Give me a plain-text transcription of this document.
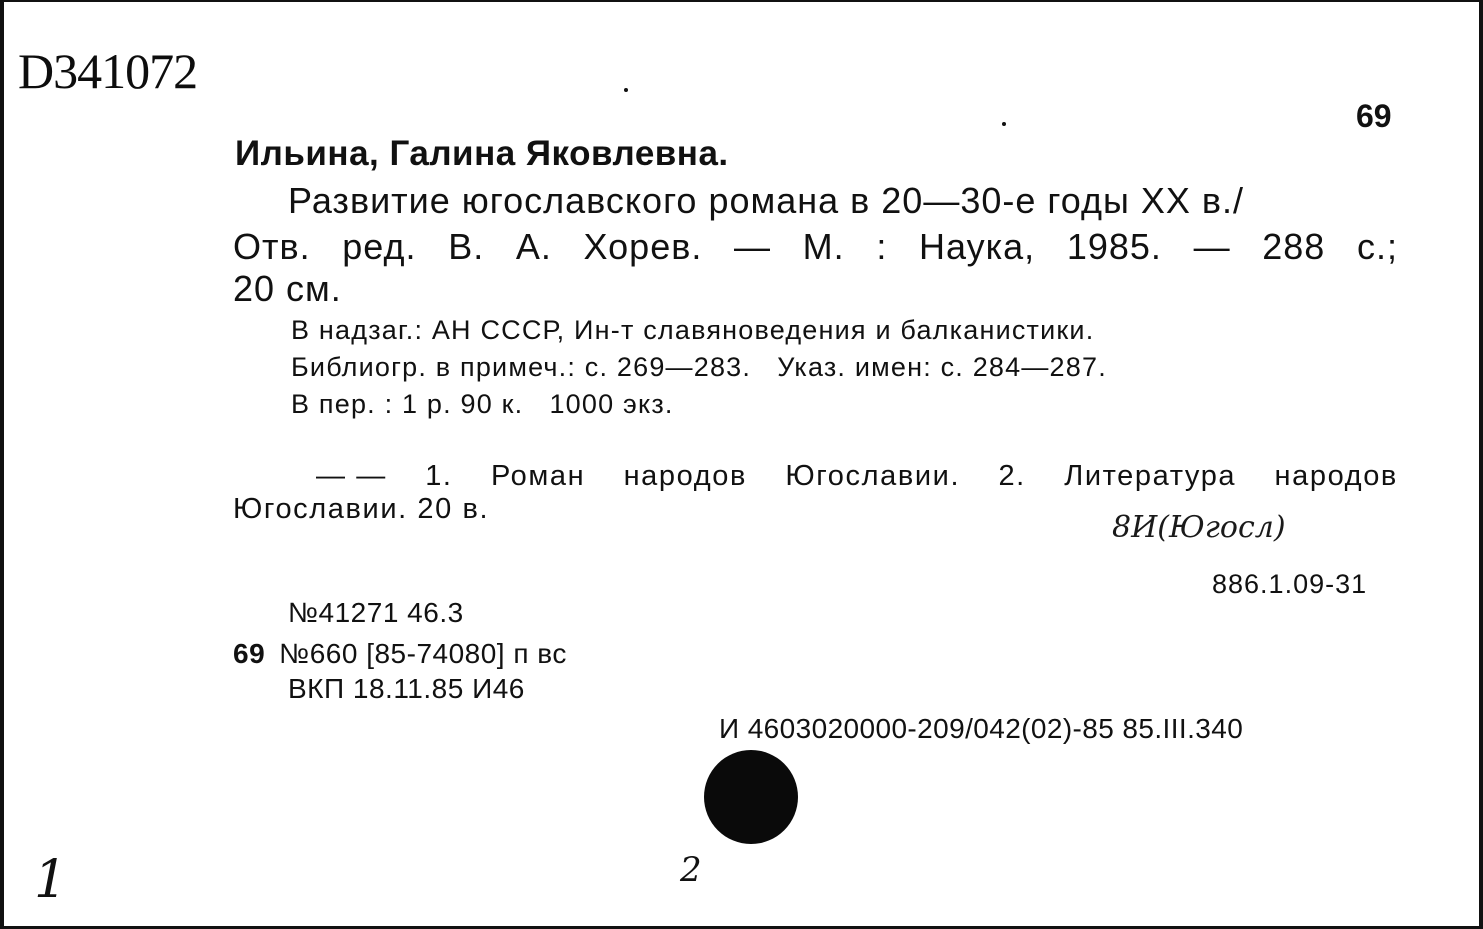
D341072
69
Ильина, Галина Яковлевна.
Развитие югославского романа в 20—30-е годы XX в./
Отв. ред. В. А. Хорев. — М. : Наука, 1985. — 288 с.;
20 см.
В надзаг.: АН СССР, Ин-т славяноведения и балканистики.
Библиогр. в примеч.: с. 269—283.   Указ. имен: с. 284—287.
В пер. : 1 р. 90 к.   1000 экз.
— — 1. Роман народов Югославии. 2. Литература народов
Югославии. 20 в.
8И(Югосл)
886.1.09-31
№41271 46.3
69 №660 [85-74080] п вс
ВКП 18.11.85 И46
И 4603020000-209/042(02)-85 85.III.340
1	2
